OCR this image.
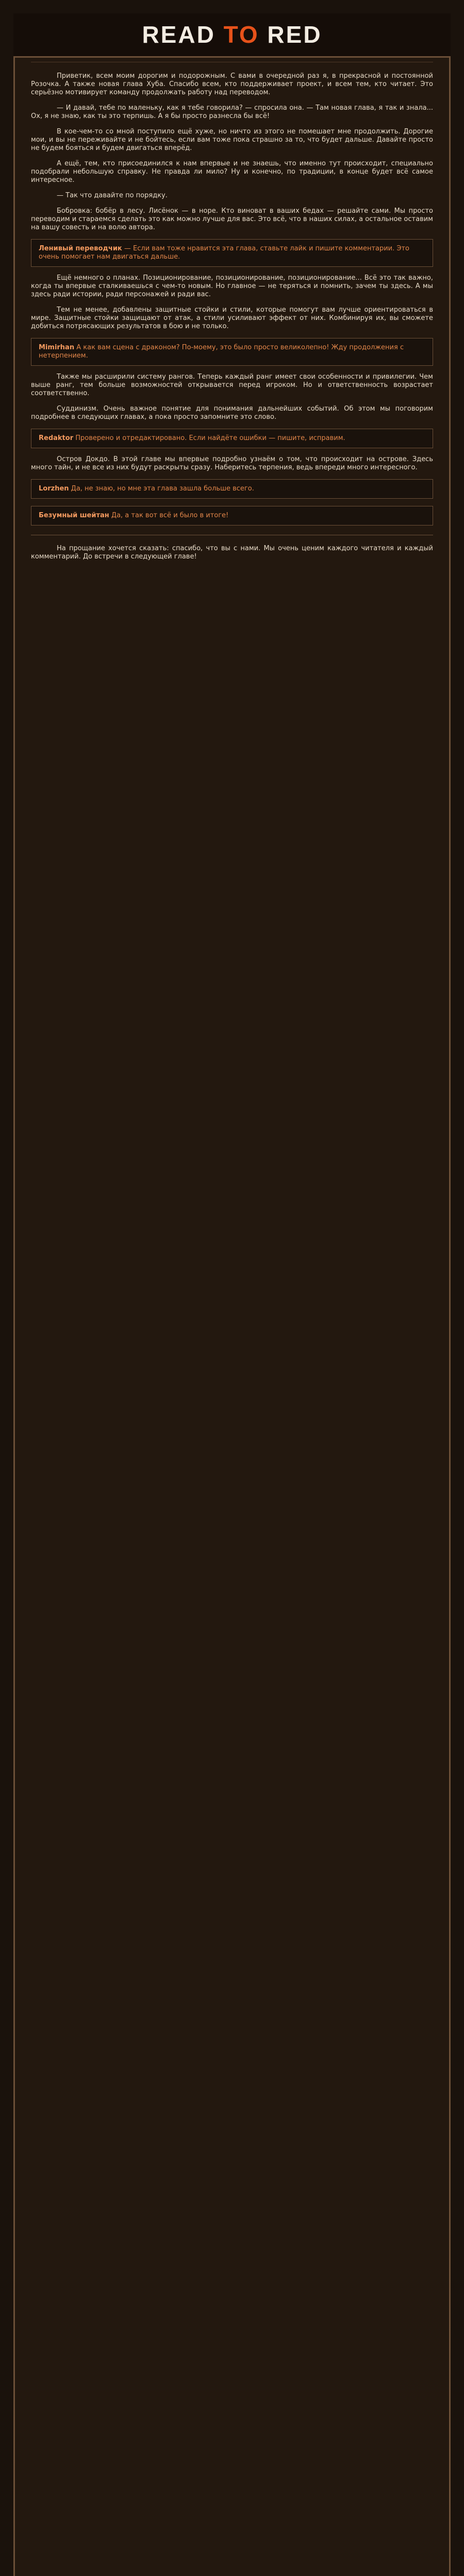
READ TO RED

Приветик, всем моим дорогим и подорожным. С вами в очередной раз я, в прекрасной и постоянной Розочка. А также новая глава Хуба. Спасибо всем, кто поддерживает проект, и всем тем, кто читает. Это серьёзно мотивирует команду продолжать работу над переводом.

— И давай, тебе по маленьку, как я тебе говорила? — спросила она. — Там новая глава, я так и знала... Ох, я не знаю, как ты это терпишь. А я бы просто разнесла бы всё!

В кое-чем-то со мной поступило ещё хуже, но ничто из этого не помешает мне продолжить. Дорогие мои, и вы не переживайте и не бойтесь, если вам тоже пока страшно за то, что будет дальше. Давайте просто не будем бояться и будем двигаться вперёд.

А ещё, тем, кто присоединился к нам впервые и не знаешь, что именно тут происходит, специально подобрали небольшую справку. Не правда ли мило? Ну и конечно, по традиции, в конце будет всё самое интересное.

— Так что давайте по порядку.

Бобровка: бобёр в лесу. Лисёнок — в норе. Кто виноват в ваших бедах — решайте сами. Мы просто переводим и стараемся сделать это как можно лучше для вас. Это всё, что в наших силах, а остальное оставим на вашу совесть и на волю автора.

Ленивый переводчик — Если вам тоже нравится эта глава, ставьте лайк и пишите комментарии. Это очень помогает нам двигаться дальше.

Ещё немного о планах. Позиционирование, позиционирование, позиционирование... Всё это так важно, когда ты впервые сталкиваешься с чем-то новым. Но главное — не теряться и помнить, зачем ты здесь. А мы здесь ради истории, ради персонажей и ради вас.

Тем не менее, добавлены защитные стойки и стили, которые помогут вам лучше ориентироваться в мире. Защитные стойки защищают от атак, а стили усиливают эффект от них. Комбинируя их, вы сможете добиться потрясающих результатов в бою и не только.

Mimirhan А как вам сцена с драконом? По-моему, это было просто великолепно! Жду продолжения с нетерпением.

Также мы расширили систему рангов. Теперь каждый ранг имеет свои особенности и привилегии. Чем выше ранг, тем больше возможностей открывается перед игроком. Но и ответственность возрастает соответственно.

Суддинизм. Очень важное понятие для понимания дальнейших событий. Об этом мы поговорим подробнее в следующих главах, а пока просто запомните это слово.

Redaktor Проверено и отредактировано. Если найдёте ошибки — пишите, исправим.

Остров Докдо. В этой главе мы впервые подробно узнаём о том, что происходит на острове. Здесь много тайн, и не все из них будут раскрыты сразу. Наберитесь терпения, ведь впереди много интересного.

Lorzhen Да, не знаю, но мне эта глава зашла больше всего.
Безумный шейтан Да, а так вот всё и было в итоге!

На прощание хочется сказать: спасибо, что вы с нами. Мы очень ценим каждого читателя и каждый комментарий. До встречи в следующей главе!
